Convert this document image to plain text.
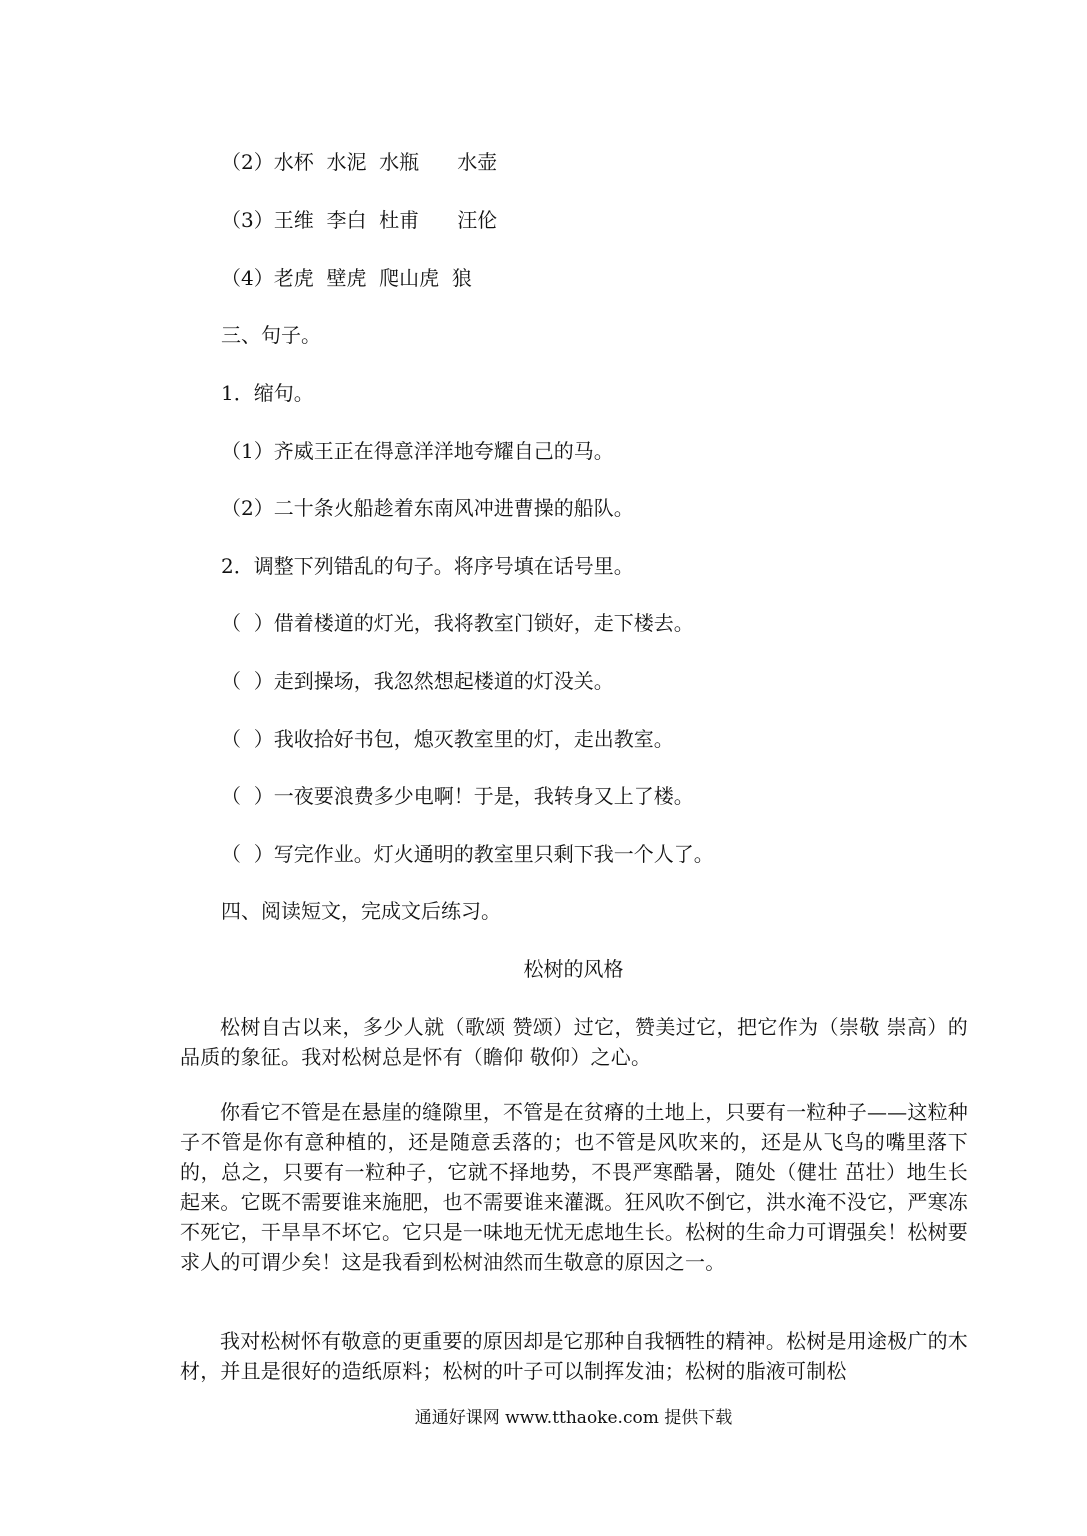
（2）水杯  水泥  水瓶      水壶
（3）王维  李白  杜甫      汪伦
（4）老虎  壁虎  爬山虎  狼
三、句子。
1．缩句。
（1）齐威王正在得意洋洋地夸耀自己的马。
（2）二十条火船趁着东南风冲进曹操的船队。
2．调整下列错乱的句子。将序号填在话号里。
（  ）借着楼道的灯光，我将教室门锁好，走下楼去。
（  ）走到操场，我忽然想起楼道的灯没关。
（  ）我收拾好书包，熄灭教室里的灯，走出教室。
（  ）一夜要浪费多少电啊！于是，我转身又上了楼。
（  ）写完作业。灯火通明的教室里只剩下我一个人了。
四、阅读短文，完成文后练习。
松树的风格
松树自古以来，多少人就（歌颂 赞颂）过它，赞美过它，把它作为（崇敬 崇高）的品质的象征。我对松树总是怀有（瞻仰 敬仰）之心。
你看它不管是在悬崖的缝隙里，不管是在贫瘠的土地上，只要有一粒种子——这粒种子不管是你有意种植的，还是随意丢落的；也不管是风吹来的，还是从飞鸟的嘴里落下的，总之，只要有一粒种子，它就不择地势，不畏严寒酷暑，随处（健壮 茁壮）地生长起来。它既不需要谁来施肥，也不需要谁来灌溉。狂风吹不倒它，洪水淹不没它，严寒冻不死它，干旱旱不坏它。它只是一味地无忧无虑地生长。松树的生命力可谓强矣！松树要求人的可谓少矣！这是我看到松树油然而生敬意的原因之一。
我对松树怀有敬意的更重要的原因却是它那种自我牺牲的精神。松树是用途极广的木材，并且是很好的造纸原料；松树的叶子可以制挥发油；松树的脂液可制松
通通好课网 www.tthaoke.com 提供下载
